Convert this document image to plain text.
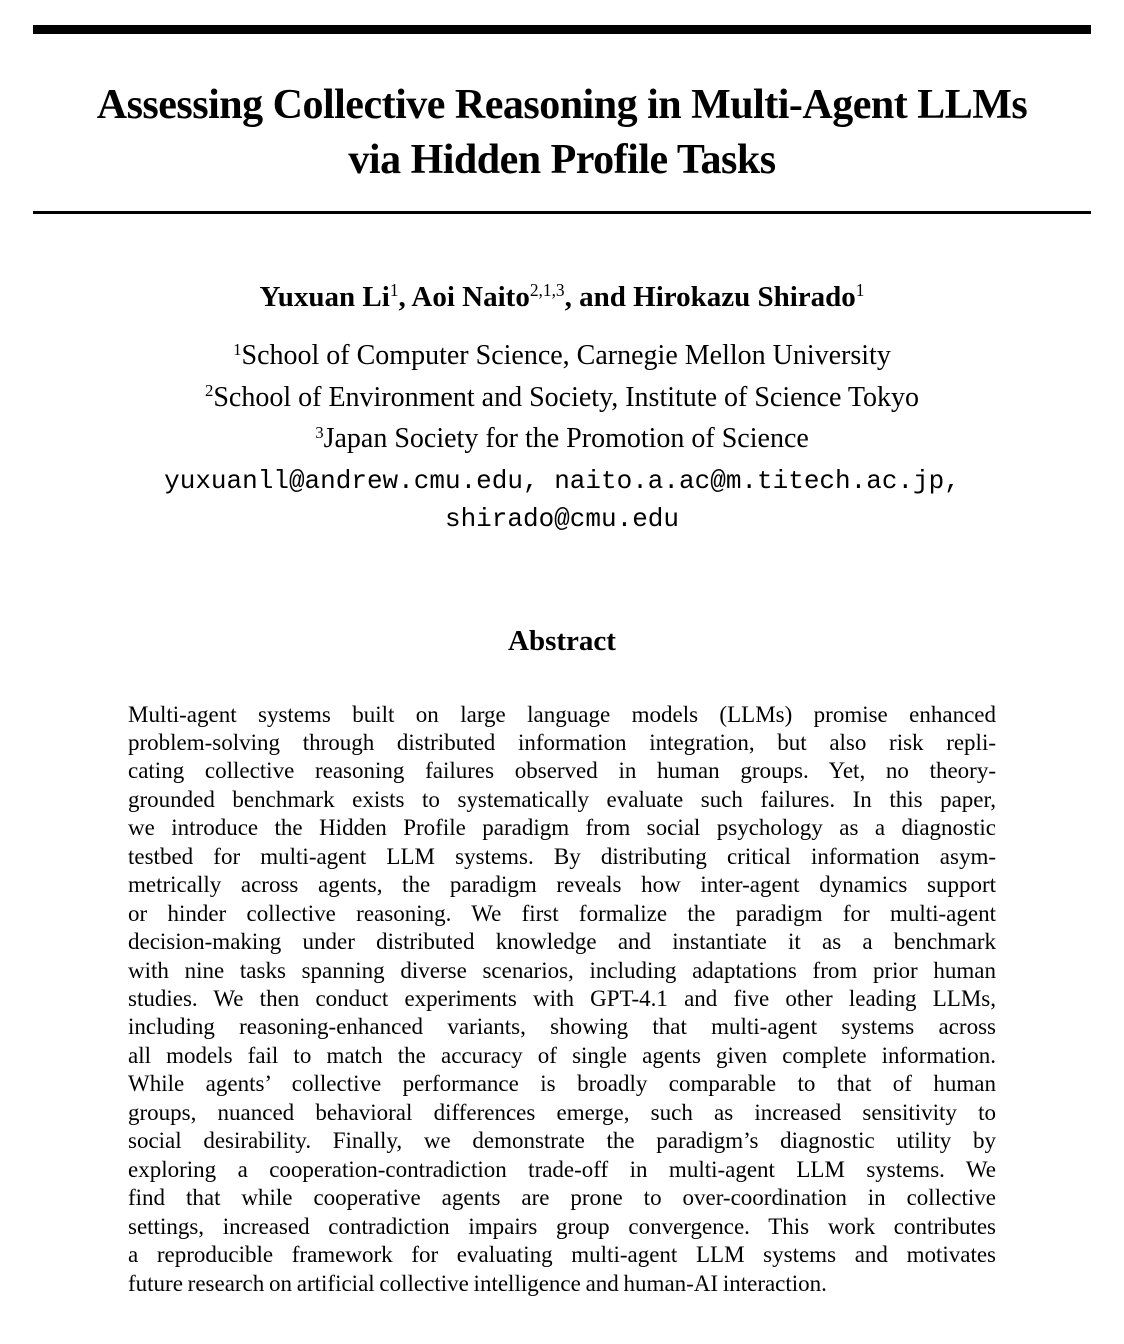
Assessing Collective Reasoning in Multi-Agent LLMs
via Hidden Profile Tasks
Yuxuan Li$^1$, Aoi Naito$^{2,1,3}$, and Hirokazu Shirado$^1$
$^1$School of Computer Science, Carnegie Mellon University
$^2$School of Environment and Society, Institute of Science Tokyo
$^3$Japan Society for the Promotion of Science
yuxuanll@andrew.cmu.edu, naito.a.ac@m.titech.ac.jp,
shirado@cmu.edu
Abstract
Multi-agent systems built on large language models (LLMs) promise enhanced
problem-solving through distributed information integration, but also risk repli-
cating collective reasoning failures observed in human groups. Yet, no theory-
grounded benchmark exists to systematically evaluate such failures. In this paper,
we introduce the Hidden Profile paradigm from social psychology as a diagnostic
testbed for multi-agent LLM systems. By distributing critical information asym-
metrically across agents, the paradigm reveals how inter-agent dynamics support
or hinder collective reasoning. We first formalize the paradigm for multi-agent
decision-making under distributed knowledge and instantiate it as a benchmark
with nine tasks spanning diverse scenarios, including adaptations from prior human
studies. We then conduct experiments with GPT-4.1 and five other leading LLMs,
including reasoning-enhanced variants, showing that multi-agent systems across
all models fail to match the accuracy of single agents given complete information.
While agents’ collective performance is broadly comparable to that of human
groups, nuanced behavioral differences emerge, such as increased sensitivity to
social desirability. Finally, we demonstrate the paradigm’s diagnostic utility by
exploring a cooperation-contradiction trade-off in multi-agent LLM systems. We
find that while cooperative agents are prone to over-coordination in collective
settings, increased contradiction impairs group convergence. This work contributes
a reproducible framework for evaluating multi-agent LLM systems and motivates
future research on artificial collective intelligence and human-AI interaction.
